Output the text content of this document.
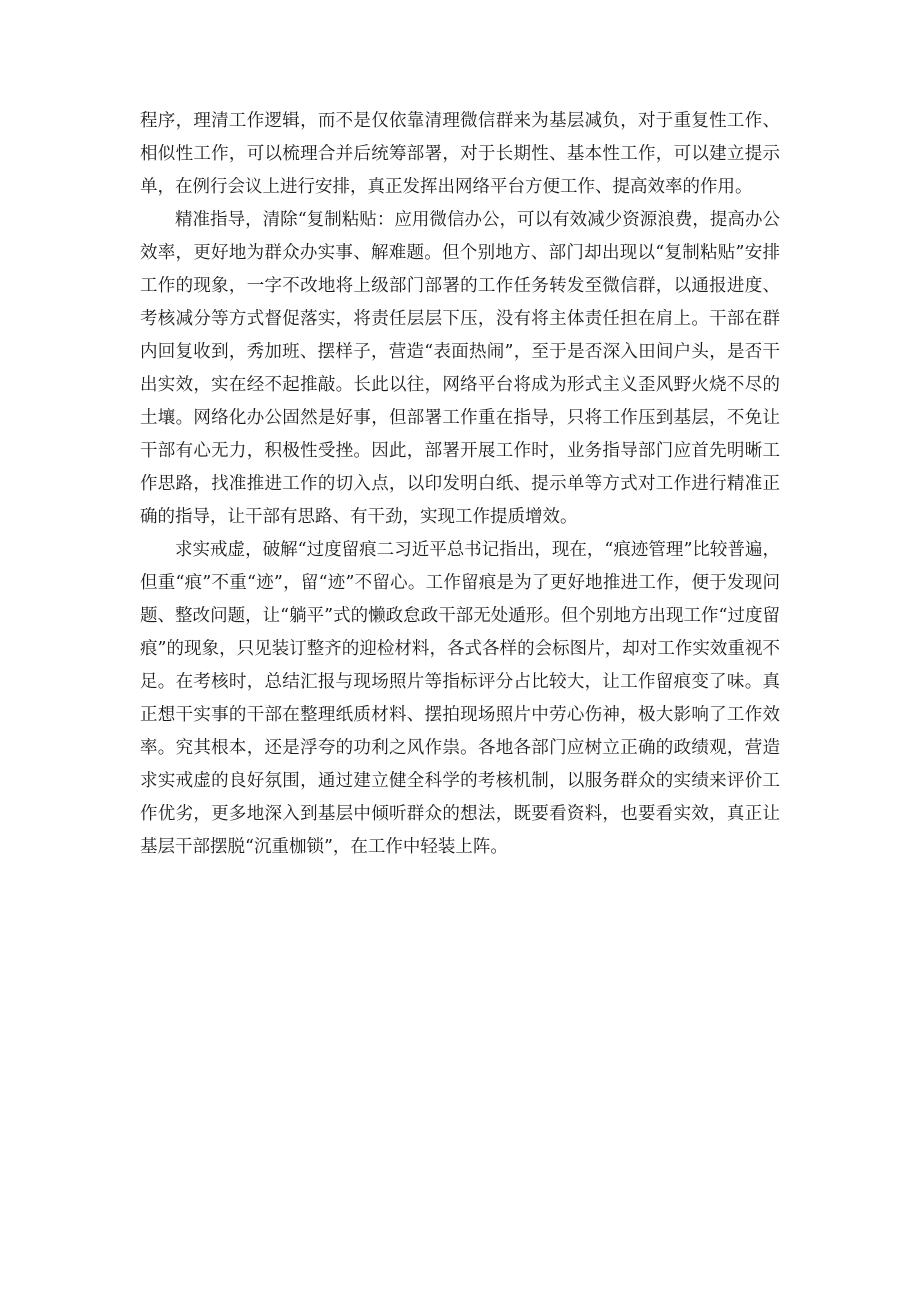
程序，理清工作逻辑，而不是仅依靠清理微信群来为基层减负，对于重复性工作、相似性工作，可以梳理合并后统筹部署，对于长期性、基本性工作，可以建立提示单，在例行会议上进行安排，真正发挥出网络平台方便工作、提高效率的作用。

精准指导，清除“复制粘贴：应用微信办公，可以有效减少资源浪费，提高办公效率，更好地为群众办实事、解难题。但个别地方、部门却出现以“复制粘贴”安排工作的现象，一字不改地将上级部门部署的工作任务转发至微信群，以通报进度、考核减分等方式督促落实，将责任层层下压，没有将主体责任担在肩上。干部在群内回复收到，秀加班、摆样子，营造“表面热闹”，至于是否深入田间户头，是否干出实效，实在经不起推敲。长此以往，网络平台将成为形式主义歪风野火烧不尽的土壤。网络化办公固然是好事，但部署工作重在指导，只将工作压到基层，不免让干部有心无力，积极性受挫。因此，部署开展工作时，业务指导部门应首先明晰工作思路，找准推进工作的切入点，以印发明白纸、提示单等方式对工作进行精准正确的指导，让干部有思路、有干劲，实现工作提质增效。

求实戒虚，破解“过度留痕二习近平总书记指出，现在，“痕迹管理”比较普遍，但重“痕”不重“迹”，留“迹”不留心。工作留痕是为了更好地推进工作，便于发现问题、整改问题，让“躺平”式的懒政怠政干部无处遁形。但个别地方出现工作“过度留痕”的现象，只见装订整齐的迎检材料，各式各样的会标图片，却对工作实效重视不足。在考核时，总结汇报与现场照片等指标评分占比较大，让工作留痕变了味。真正想干实事的干部在整理纸质材料、摆拍现场照片中劳心伤神，极大影响了工作效率。究其根本，还是浮夸的功利之风作祟。各地各部门应树立正确的政绩观，营造求实戒虚的良好氛围，通过建立健全科学的考核机制，以服务群众的实绩来评价工作优劣，更多地深入到基层中倾听群众的想法，既要看资料，也要看实效，真正让基层干部摆脱“沉重枷锁”，在工作中轻装上阵。
